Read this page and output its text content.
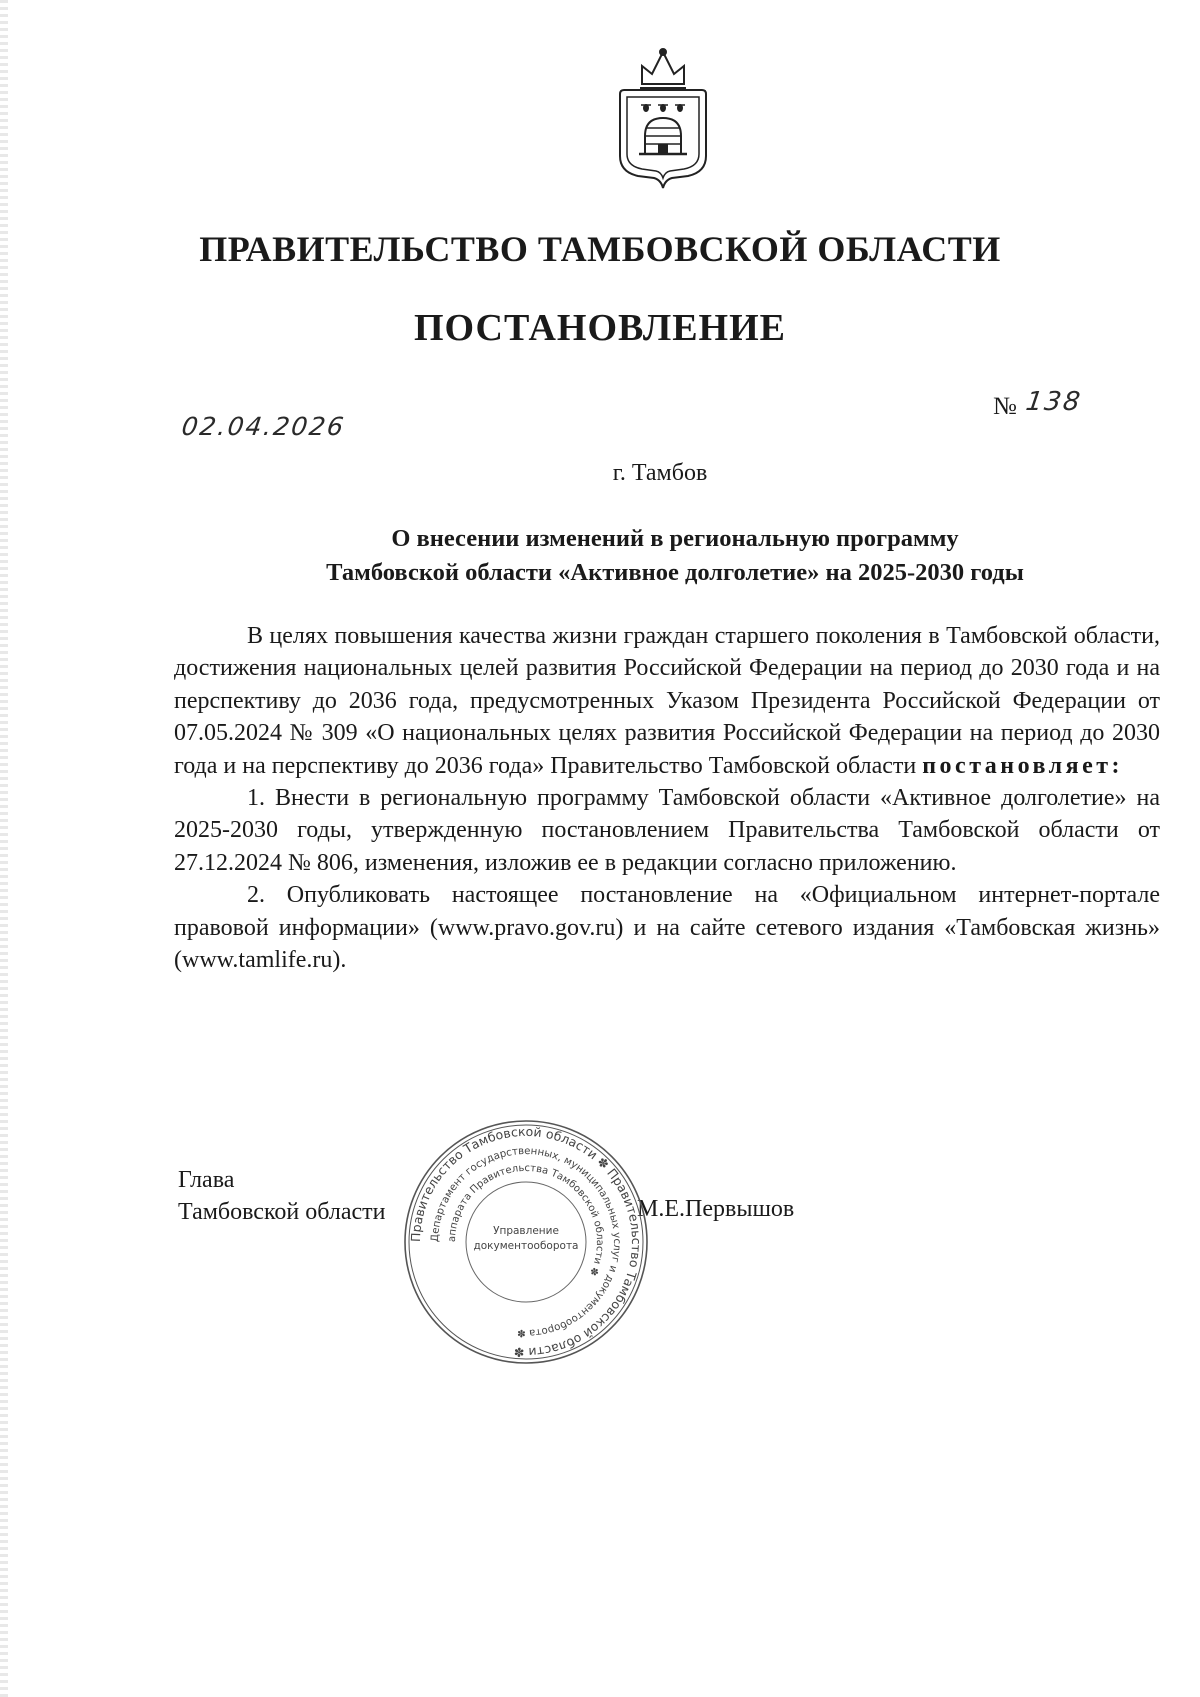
ПРАВИТЕЛЬСТВО ТАМБОВСКОЙ ОБЛАСТИ
ПОСТАНОВЛЕНИЕ
02.04.2026
№ 138
г. Тамбов
О внесении изменений в региональную программу
Тамбовской области «Активное долголетие» на 2025-2030 годы

В целях повышения качества жизни граждан старшего поколения в Тамбовской области, достижения национальных целей развития Российской Федерации на период до 2030 года и на перспективу до 2036 года, предусмотренных Указом Президента Российской Федерации от 07.05.2024 № 309 «О национальных целях развития Российской Федерации на период до 2030 года и на перспективу до 2036 года» Правительство Тамбовской области постановляет:

1. Внести в региональную программу Тамбовской области «Активное долголетие» на 2025-2030 годы, утвержденную постановлением Правительства Тамбовской области от 27.12.2024 № 806, изменения, изложив ее в редакции согласно приложению.

2. Опубликовать настоящее постановление на «Официальном интернет-портале правовой информации» (www.pravo.gov.ru) и на сайте сетевого издания «Тамбовская жизнь» (www.tamlife.ru).

Глава
Тамбовской области	М.Е.Первышов
Правительство Тамбовской области ✽ Правительство Тамбовской области ✽
Департамент государственных, муниципальных услуг и документооборота ✽
аппарата Правительства Тамбовской области ✽
Управление
документооборота
